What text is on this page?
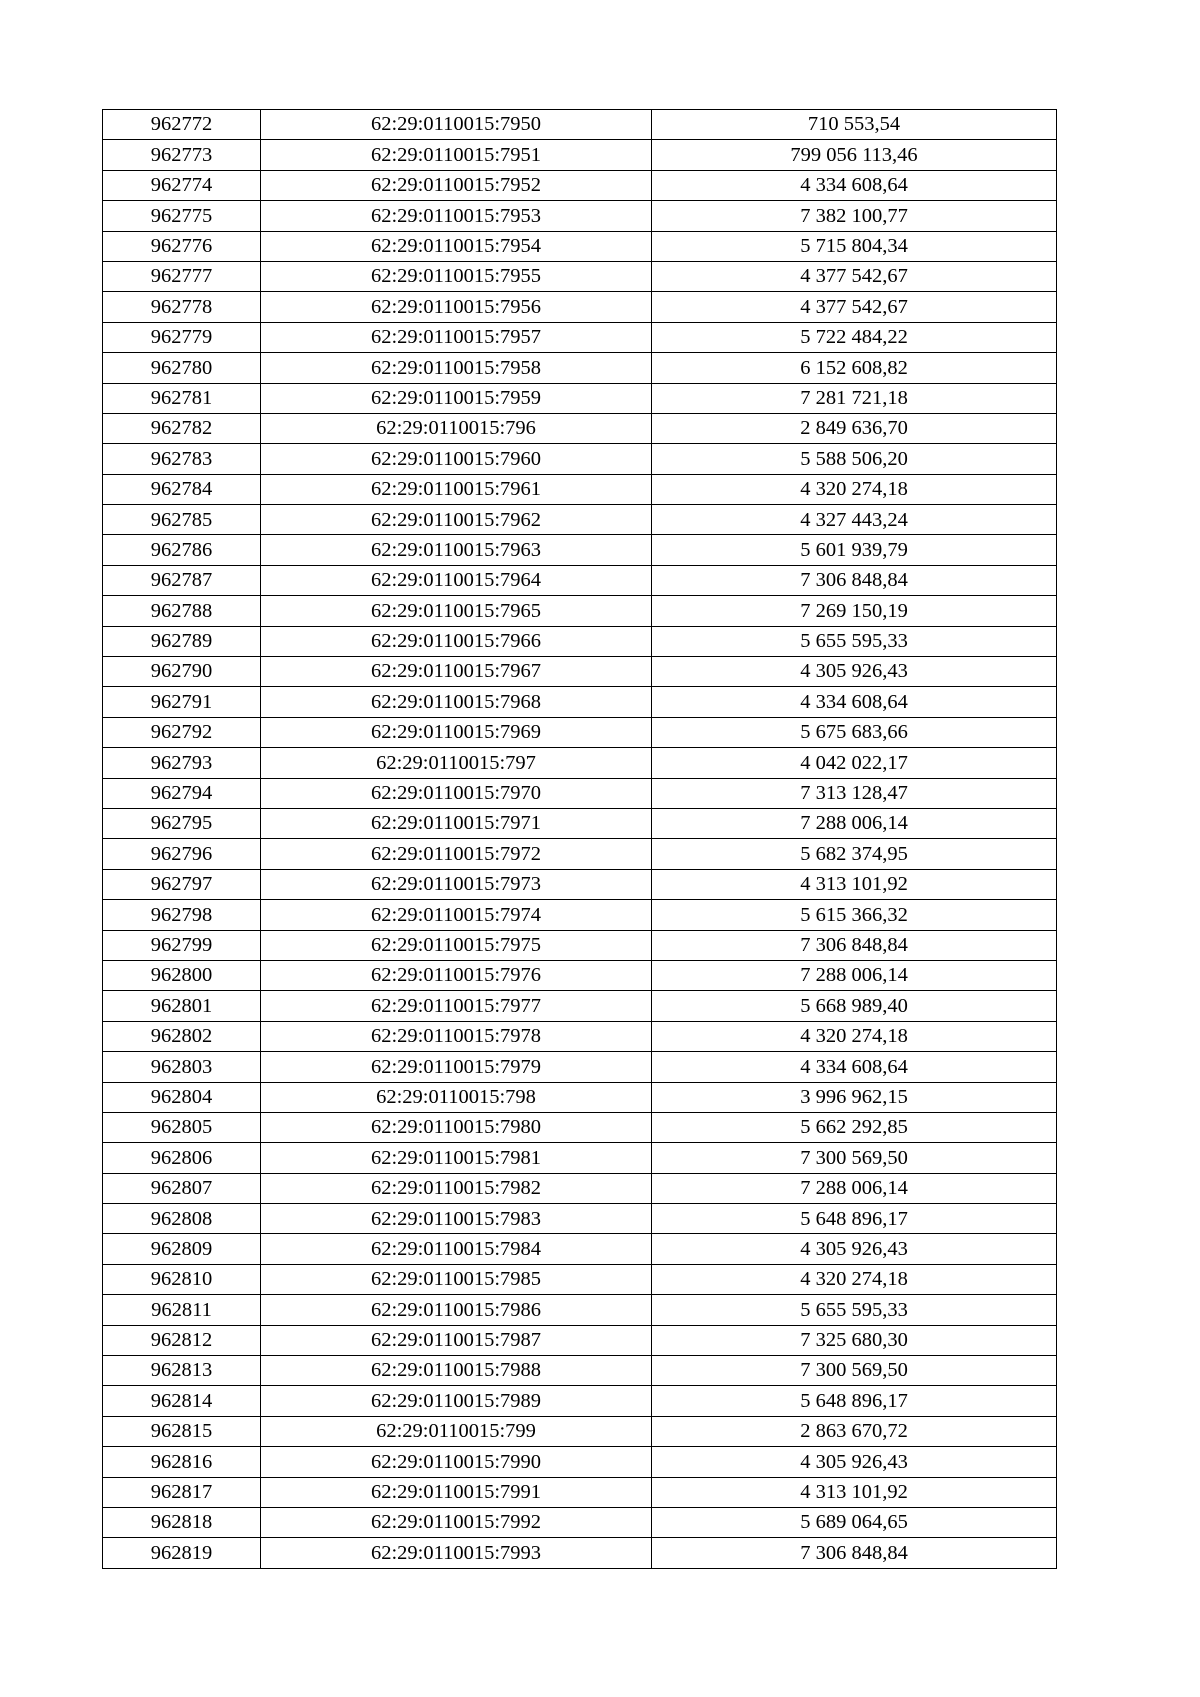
962772	62:29:0110015:7950	710 553,54
962773	62:29:0110015:7951	799 056 113,46
962774	62:29:0110015:7952	4 334 608,64
962775	62:29:0110015:7953	7 382 100,77
962776	62:29:0110015:7954	5 715 804,34
962777	62:29:0110015:7955	4 377 542,67
962778	62:29:0110015:7956	4 377 542,67
962779	62:29:0110015:7957	5 722 484,22
962780	62:29:0110015:7958	6 152 608,82
962781	62:29:0110015:7959	7 281 721,18
962782	62:29:0110015:796	2 849 636,70
962783	62:29:0110015:7960	5 588 506,20
962784	62:29:0110015:7961	4 320 274,18
962785	62:29:0110015:7962	4 327 443,24
962786	62:29:0110015:7963	5 601 939,79
962787	62:29:0110015:7964	7 306 848,84
962788	62:29:0110015:7965	7 269 150,19
962789	62:29:0110015:7966	5 655 595,33
962790	62:29:0110015:7967	4 305 926,43
962791	62:29:0110015:7968	4 334 608,64
962792	62:29:0110015:7969	5 675 683,66
962793	62:29:0110015:797	4 042 022,17
962794	62:29:0110015:7970	7 313 128,47
962795	62:29:0110015:7971	7 288 006,14
962796	62:29:0110015:7972	5 682 374,95
962797	62:29:0110015:7973	4 313 101,92
962798	62:29:0110015:7974	5 615 366,32
962799	62:29:0110015:7975	7 306 848,84
962800	62:29:0110015:7976	7 288 006,14
962801	62:29:0110015:7977	5 668 989,40
962802	62:29:0110015:7978	4 320 274,18
962803	62:29:0110015:7979	4 334 608,64
962804	62:29:0110015:798	3 996 962,15
962805	62:29:0110015:7980	5 662 292,85
962806	62:29:0110015:7981	7 300 569,50
962807	62:29:0110015:7982	7 288 006,14
962808	62:29:0110015:7983	5 648 896,17
962809	62:29:0110015:7984	4 305 926,43
962810	62:29:0110015:7985	4 320 274,18
962811	62:29:0110015:7986	5 655 595,33
962812	62:29:0110015:7987	7 325 680,30
962813	62:29:0110015:7988	7 300 569,50
962814	62:29:0110015:7989	5 648 896,17
962815	62:29:0110015:799	2 863 670,72
962816	62:29:0110015:7990	4 305 926,43
962817	62:29:0110015:7991	4 313 101,92
962818	62:29:0110015:7992	5 689 064,65
962819	62:29:0110015:7993	7 306 848,84
